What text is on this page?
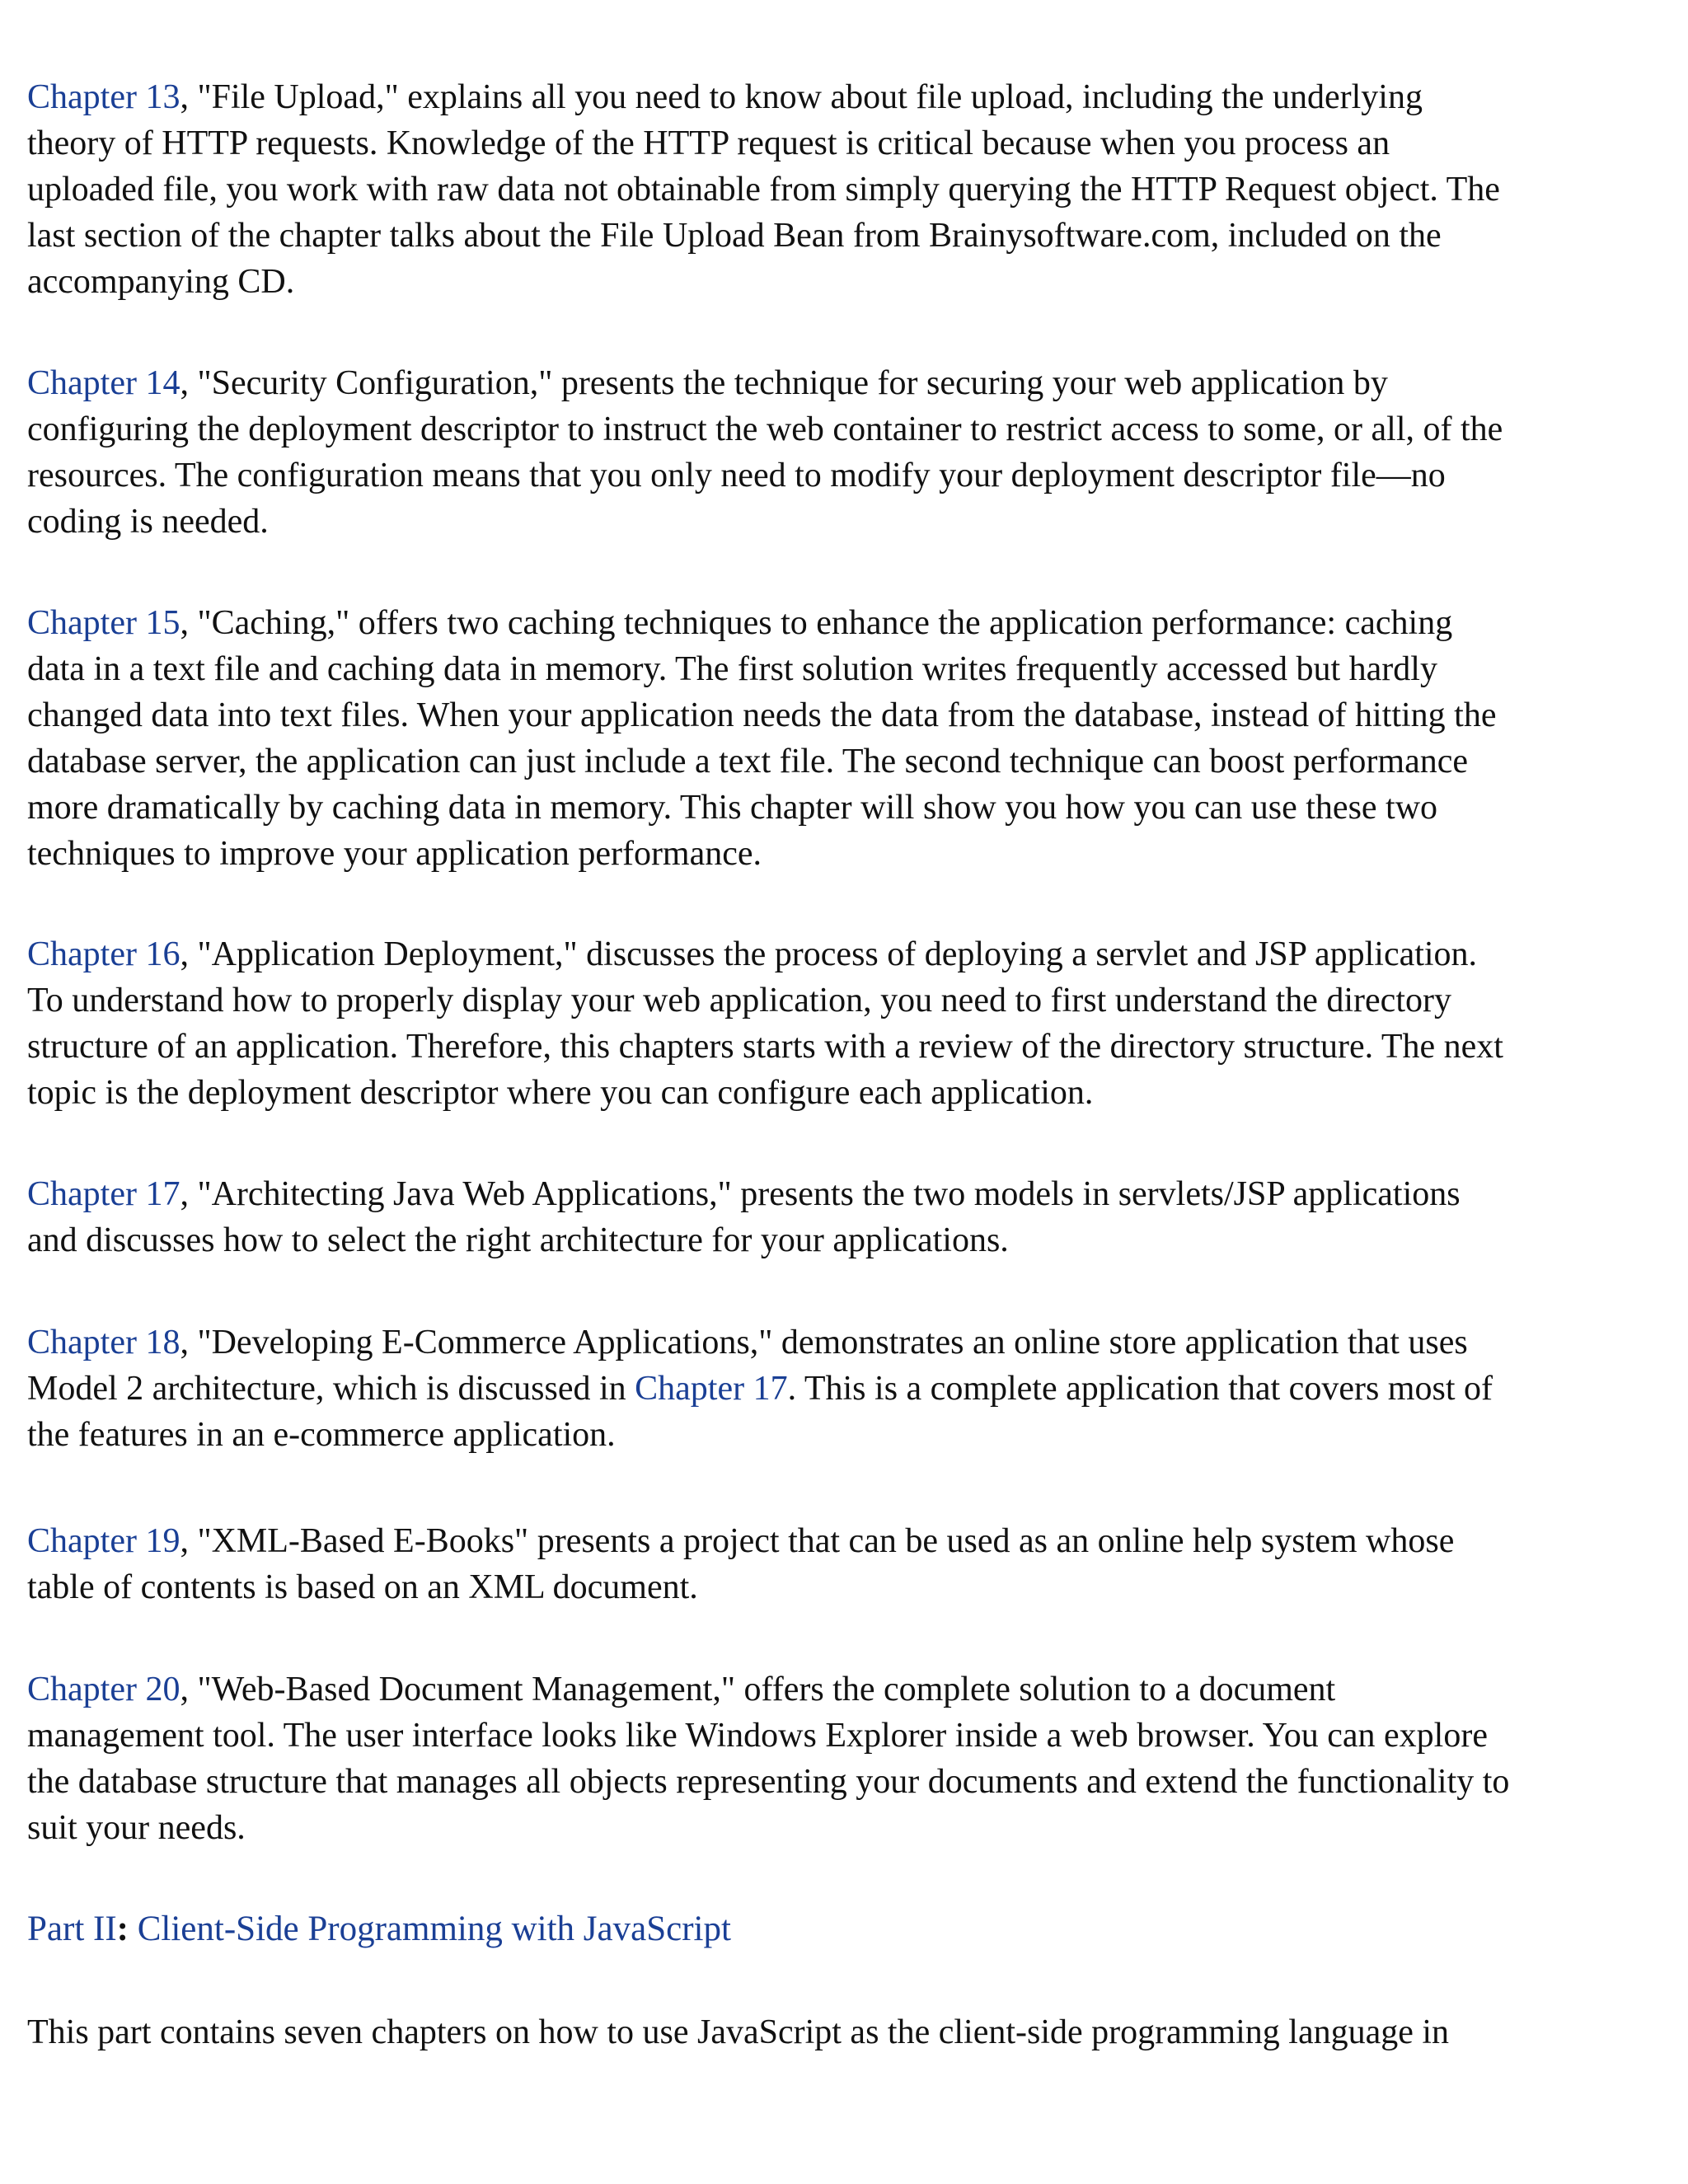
Chapter 13, "File Upload," explains all you need to know about file upload, including the underlying
theory of HTTP requests. Knowledge of the HTTP request is critical because when you process an
uploaded file, you work with raw data not obtainable from simply querying the HTTP Request object. The
last section of the chapter talks about the File Upload Bean from Brainysoftware.com, included on the
accompanying CD.

Chapter 14, "Security Configuration," presents the technique for securing your web application by
configuring the deployment descriptor to instruct the web container to restrict access to some, or all, of the
resources. The configuration means that you only need to modify your deployment descriptor file—no
coding is needed.

Chapter 15, "Caching," offers two caching techniques to enhance the application performance: caching
data in a text file and caching data in memory. The first solution writes frequently accessed but hardly
changed data into text files. When your application needs the data from the database, instead of hitting the
database server, the application can just include a text file. The second technique can boost performance
more dramatically by caching data in memory. This chapter will show you how you can use these two
techniques to improve your application performance.

Chapter 16, "Application Deployment," discusses the process of deploying a servlet and JSP application.
To understand how to properly display your web application, you need to first understand the directory
structure of an application. Therefore, this chapters starts with a review of the directory structure. The next
topic is the deployment descriptor where you can configure each application.

Chapter 17, "Architecting Java Web Applications," presents the two models in servlets/JSP applications
and discusses how to select the right architecture for your applications.

Chapter 18, "Developing E-Commerce Applications," demonstrates an online store application that uses
Model 2 architecture, which is discussed in Chapter 17. This is a complete application that covers most of
the features in an e-commerce application.

Chapter 19, "XML-Based E-Books" presents a project that can be used as an online help system whose
table of contents is based on an XML document.

Chapter 20, "Web-Based Document Management," offers the complete solution to a document
management tool. The user interface looks like Windows Explorer inside a web browser. You can explore
the database structure that manages all objects representing your documents and extend the functionality to
suit your needs.

Part II: Client-Side Programming with JavaScript

This part contains seven chapters on how to use JavaScript as the client-side programming language in
